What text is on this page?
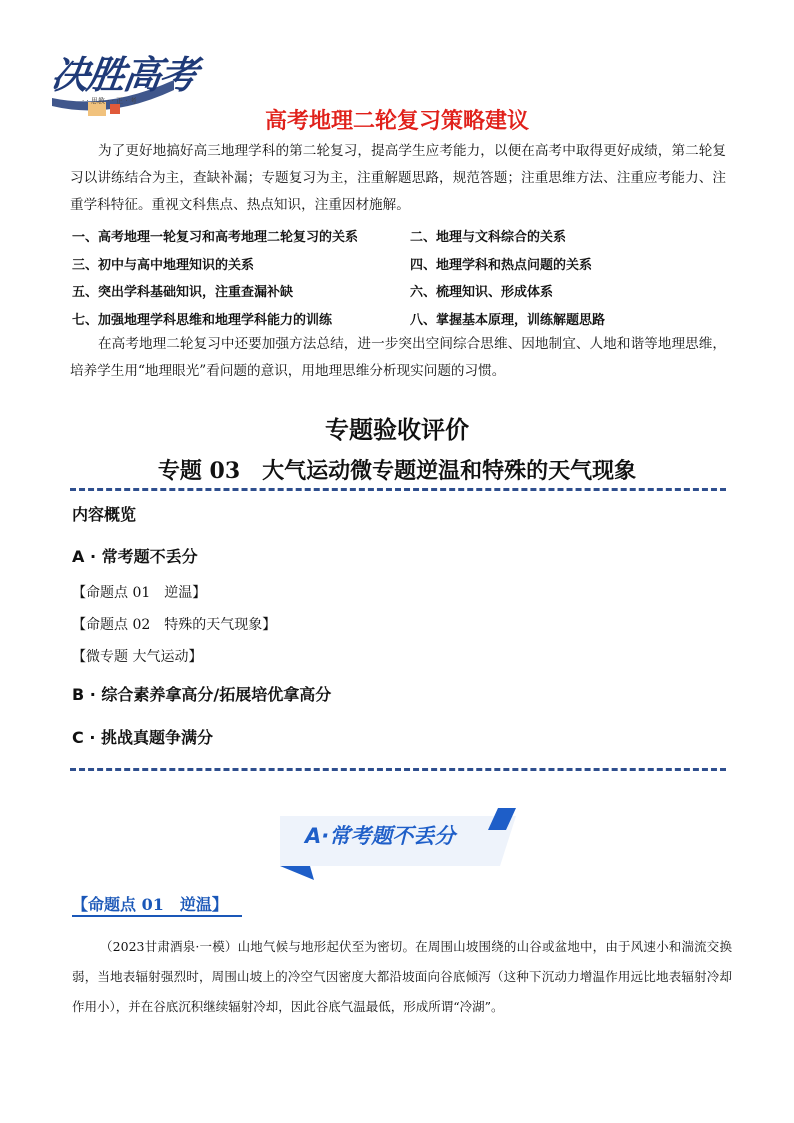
决胜高考
· · 思教 · · 正 · 考
高考地理二轮复习策略建议
为了更好地搞好高三地理学科的第二轮复习，提高学生应考能力，以便在高考中取得更好成绩，第二轮复习以讲练结合为主，查缺补漏；专题复习为主，注重解题思路，规范答题；注重思维方法、注重应考能力、注重学科特征。重视文科焦点、热点知识，注重因材施解。
一、高考地理一轮复习和高考地理二轮复习的关系	二、地理与文科综合的关系
三、初中与高中地理知识的关系	四、地理学科和热点问题的关系
五、突出学科基础知识，注重查漏补缺	六、梳理知识、形成体系
七、加强地理学科思维和地理学科能力的训练	八、掌握基本原理，训练解题思路
在高考地理二轮复习中还要加强方法总结，进一步突出空间综合思维、因地制宜、人地和谐等地理思维，培养学生用“地理眼光”看问题的意识，用地理思维分析现实问题的习惯。
专题验收评价
专题 03　大气运动微专题逆温和特殊的天气现象
内容概览
A · 常考题不丢分
【命题点 01　逆温】
【命题点 02　特殊的天气现象】
【微专题 大气运动】
B · 综合素养拿高分/拓展培优拿高分
C · 挑战真题争满分
A·常考题不丢分
【命题点 01　逆温】
（2023甘肃酒泉·一模）山地气候与地形起伏至为密切。在周围山坡围绕的山谷或盆地中，由于风速小和湍流交换弱，当地表辐射强烈时，周围山坡上的冷空气因密度大都沿坡面向谷底倾泻（这种下沉动力增温作用远比地表辐射冷却作用小），并在谷底沉积继续辐射冷却，因此谷底气温最低，形成所谓“冷湖”。
